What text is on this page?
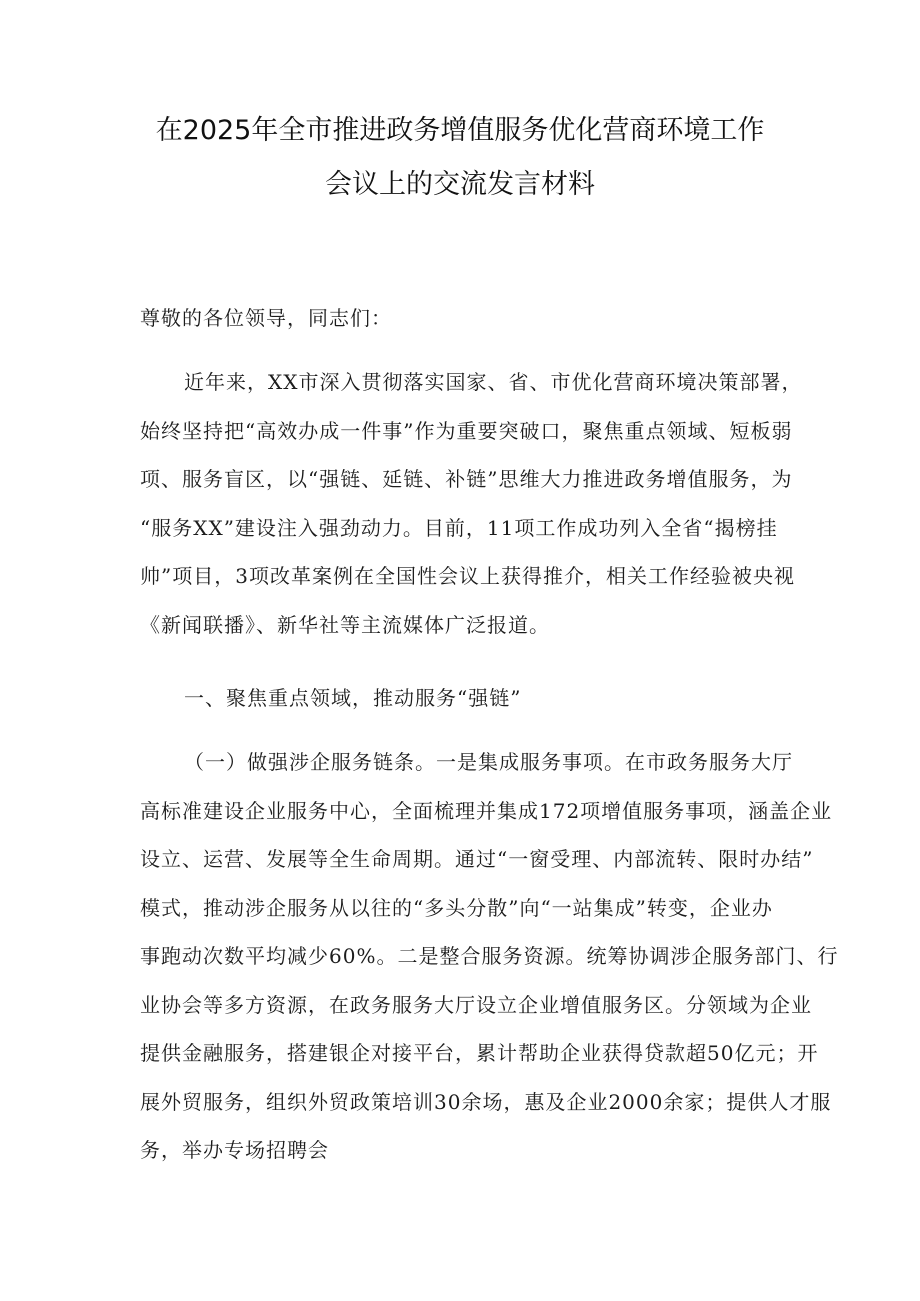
在2025年全市推进政务增值服务优化营商环境工作
会议上的交流发言材料
尊敬的各位领导，同志们：
近年来，XX市深入贯彻落实国家、省、市优化营商环境决策部署，
始终坚持把“高效办成一件事”作为重要突破口，聚焦重点领域、短板弱
项、服务盲区，以“强链、延链、补链”思维大力推进政务增值服务，为
“服务XX”建设注入强劲动力。目前，11项工作成功列入全省“揭榜挂
帅”项目，3项改革案例在全国性会议上获得推介，相关工作经验被央视
《新闻联播》、新华社等主流媒体广泛报道。
一、聚焦重点领域，推动服务“强链”
（一）做强涉企服务链条。一是集成服务事项。在市政务服务大厅
高标准建设企业服务中心，全面梳理并集成172项增值服务事项，涵盖企业
设立、运营、发展等全生命周期。通过“一窗受理、内部流转、限时办结”
模式，推动涉企服务从以往的“多头分散”向“一站集成”转变，企业办
事跑动次数平均减少60%。二是整合服务资源。统筹协调涉企服务部门、行
业协会等多方资源，在政务服务大厅设立企业增值服务区。分领域为企业
提供金融服务，搭建银企对接平台，累计帮助企业获得贷款超50亿元；开
展外贸服务，组织外贸政策培训30余场，惠及企业2000余家；提供人才服
务，举办专场招聘会
